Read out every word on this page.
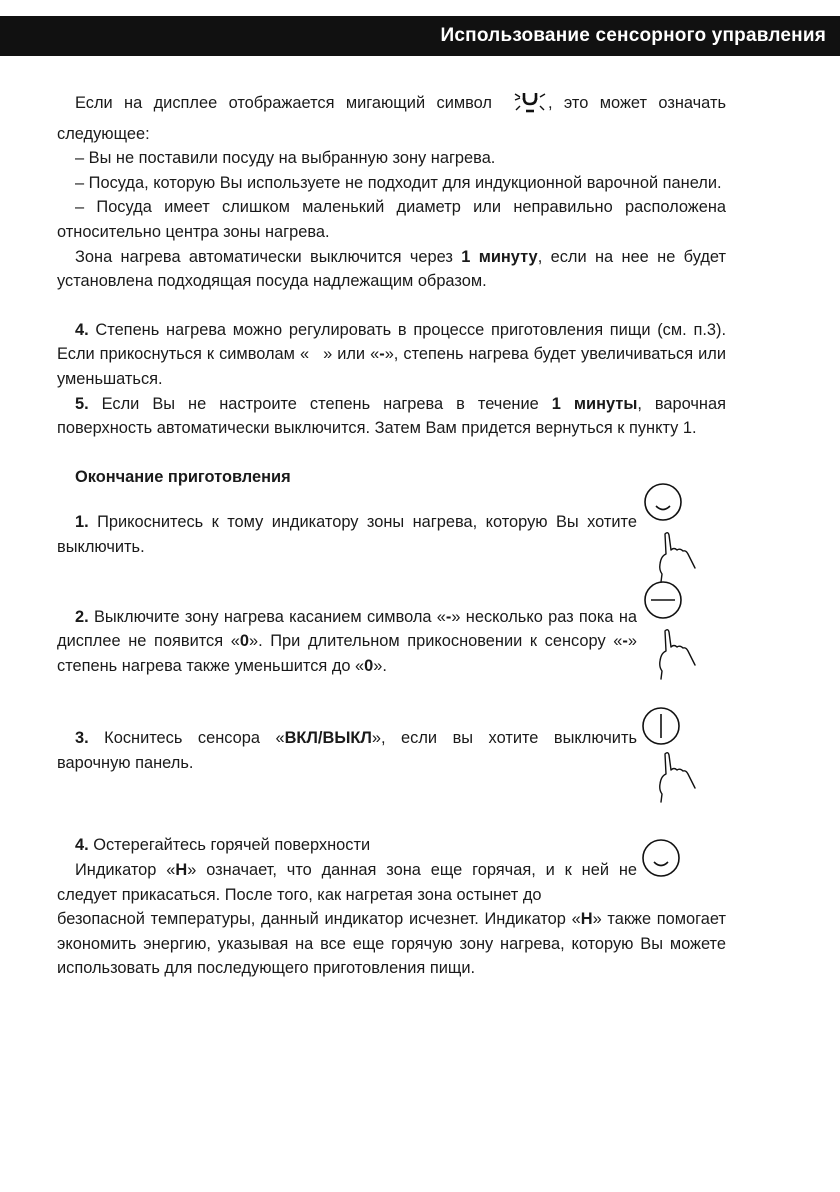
Использование сенсорного управления

Если на дисплее отображается мигающий символ	, это может означать следующее:

– Вы не поставили посуду на выбранную зону нагрева.

– Посуда, которую Вы используете не подходит для индукционной варочной панели.

– Посуда имеет слишком маленький диаметр или неправильно расположена относительно центра зоны нагрева.

Зона нагрева автоматически выключится через 1 минуту, если на нее не будет установлена подходящая посуда надлежащим образом.

4. Степень нагрева можно регулировать в процессе приготовления пищи (см. п.3). Если прикоснуться к символам « » или «-», степень нагрева будет увеличиваться или уменьшаться.

5. Если Вы не настроите степень нагрева в течение 1 минуты, варочная поверхность автоматически выключится. Затем Вам придется вернуться к пункту 1.

Окончание приготовления

1. Прикоснитесь к тому индикатору зоны нагрева, которую Вы хотите выключить.

2. Выключите зону нагрева касанием символа «-» несколько раз пока на дисплее не появится «0». При длительном прикосновении к сенсору «-» степень нагрева также уменьшится до «0».

3. Коснитесь сенсора «ВКЛ/ВЫКЛ», если вы хотите выключить варочную панель.

4. Остерегайтесь горячей поверхности

Индикатор «H» означает, что данная зона еще горячая, и к ней не следует прикасаться. После того, как нагретая зона остынет до

безопасной температуры, данный индикатор исчезнет. Индикатор «H» также помогает экономить энергию, указывая на все еще горячую зону нагрева, которую Вы можете использовать для последующего приготовления пищи.
